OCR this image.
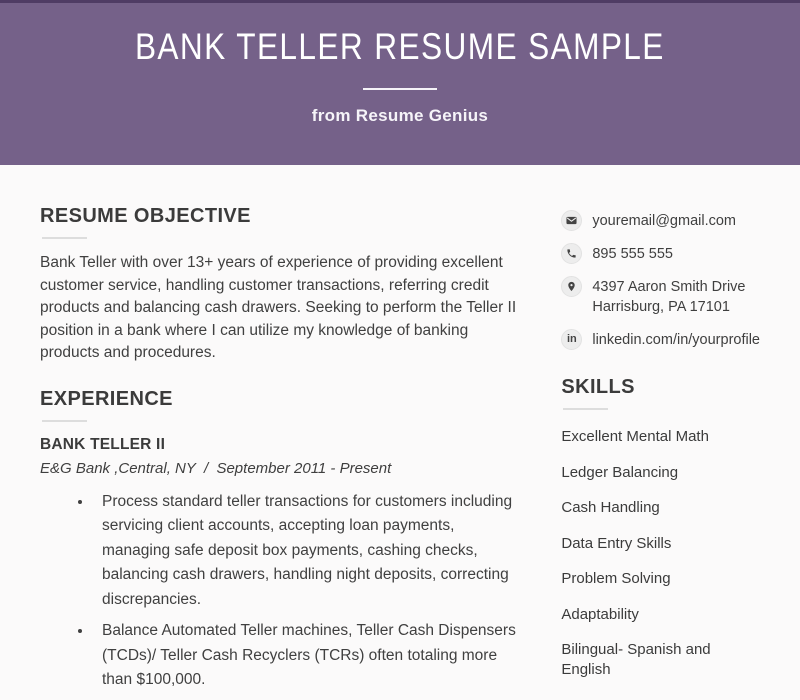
BANK TELLER RESUME SAMPLE
from Resume Genius
RESUME OBJECTIVE

Bank Teller with over 13+ years of experience of providing excellent customer service, handling customer transactions, referring credit products and balancing cash drawers. Seeking to perform the Teller II position in a bank where I can utilize my knowledge of banking products and procedures.

EXPERIENCE
BANK TELLER II
E&G Bank ,Central, NY  /  September 2011 - Present
• Process standard teller transactions for customers including servicing client accounts, accepting loan payments, managing safe deposit box payments, cashing checks, balancing cash drawers, handling night deposits, correcting discrepancies.
• Balance Automated Teller machines, Teller Cash Dispensers (TCDs)/ Teller Cash Recyclers (TCRs) often totaling more than $100,000.
youremail@gmail.com
895 555 555
4397 Aaron Smith Drive
Harrisburg, PA 17101
in linkedin.com/in/yourprofile
SKILLS
Excellent Mental Math
Ledger Balancing
Cash Handling
Data Entry Skills
Problem Solving
Adaptability
Bilingual- Spanish and English
